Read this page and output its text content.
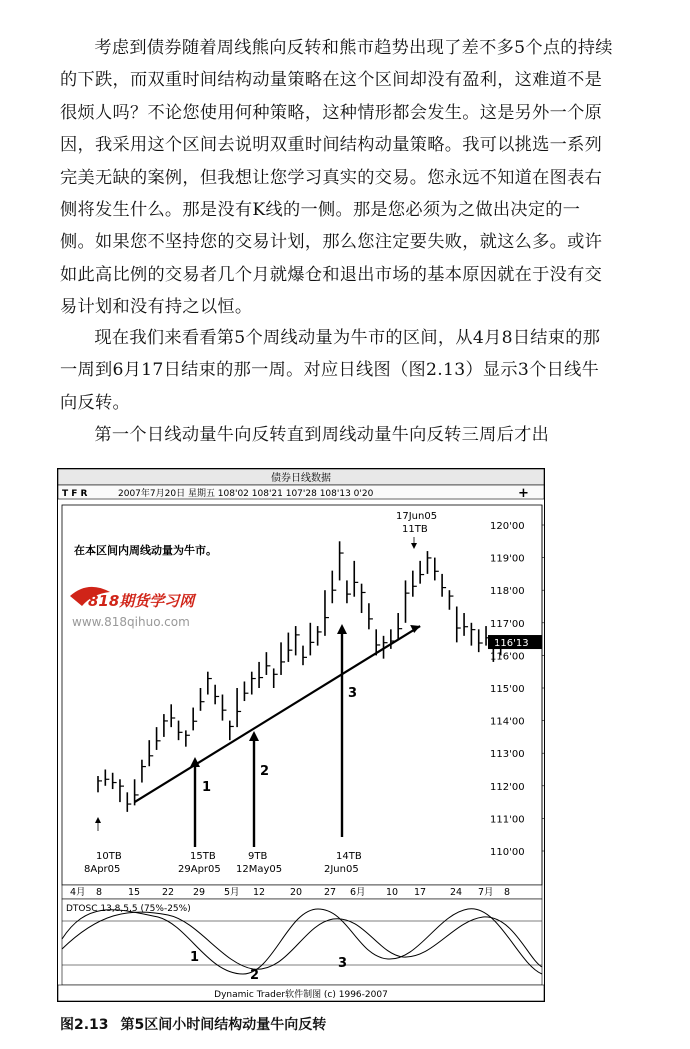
考虑到债券随着周线熊向反转和熊市趋势出现了差不多5个点的持续的下跌，而双重时间结构动量策略在这个区间却没有盈利，这难道不是很烦人吗？不论您使用何种策略，这种情形都会发生。这是另外一个原因，我采用这个区间去说明双重时间结构动量策略。我可以挑选一系列完美无缺的案例，但我想让您学习真实的交易。您永远不知道在图表右侧将发生什么。那是没有K线的一侧。那是您必须为之做出决定的一侧。如果您不坚持您的交易计划，那么您注定要失败，就这么多。或许如此高比例的交易者几个月就爆仓和退出市场的基本原因就在于没有交易计划和没有持之以恒。

现在我们来看看第5个周线动量为牛市的区间，从4月8日结束的那一周到6月17日结束的那一周。对应日线图（图2.13）显示3个日线牛向反转。

第一个日线动量牛向反转直到周线动量牛向反转三周后才出

债券日线数据
T F R	2007年7月20日 星期五 108'02 108'21 107'28 108'13 0'20	+
120'00
119'00
118'00
117'00
116'00
115'00
114'00
113'00
112'00
111'00
110'00
116'13
1
2
3
17Jun05
11TB
10TB
8Apr05
15TB
29Apr05
9TB
12May05
14TB
2Jun05
在本区间内周线动量为牛市。
818期货学习网
www.818qihuo.com
4月 8	15 22 29 5月 12	20 27 6月 10 17	24 7月 8
DTOSC 13,8,5,5 (75%-25%)
1
2
3
Dynamic Trader软件制图 (c) 1996-2007
图2.13 第5区间小时间结构动量牛向反转
